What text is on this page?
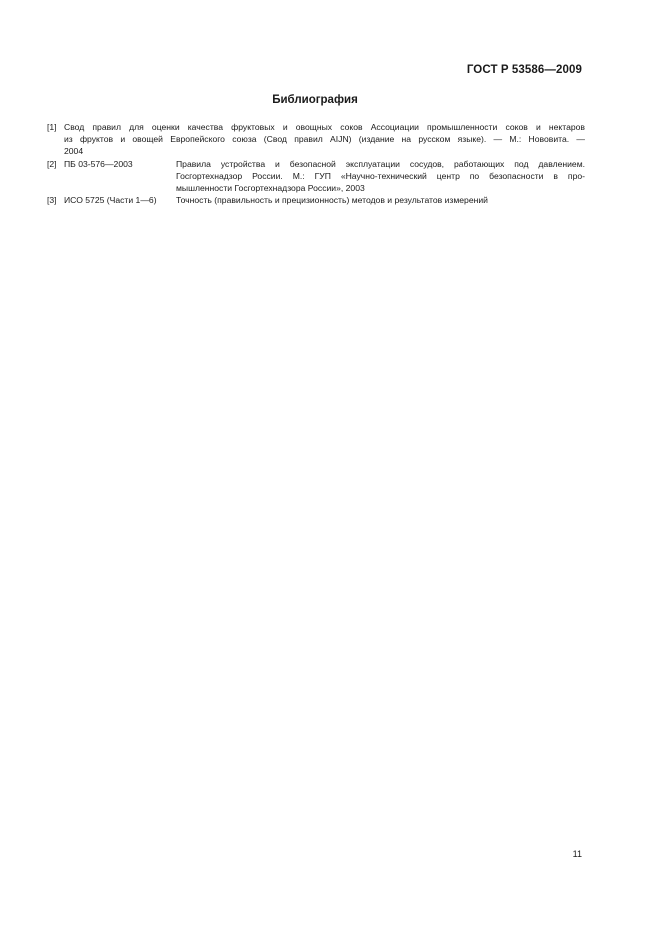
ГОСТ Р 53586—2009
Библиография
[1] Свод правил для оценки качества фруктовых и овощных соков Ассоциации промышленности соков и нектаров
из фруктов и овощей Европейского союза (Свод правил AIJN) (издание на русском языке). — М.: Нововита. —
2004
[2] ПБ 03-576—2003	Правила устройства и безопасной эксплуатации сосудов, работающих под давлением.
Госгортехнадзор России. М.: ГУП «Научно-технический центр по безопасности в про-
мышленности Госгортехнадзора России», 2003
[3] ИСО 5725 (Части 1—6) Точность (правильность и прецизионность) методов и результатов измерений
11
